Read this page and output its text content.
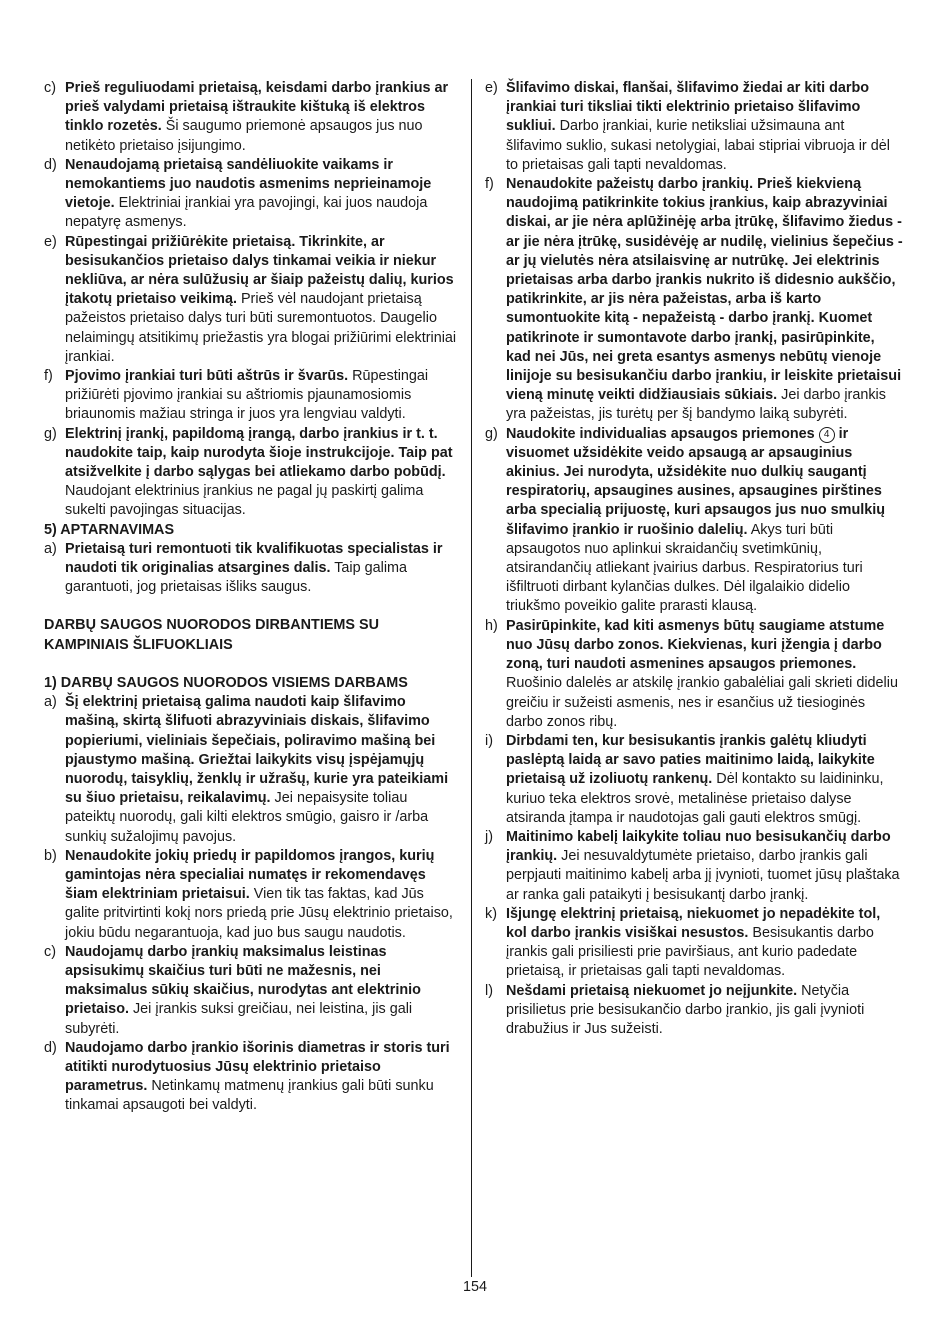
c) Prieš reguliuodami prietaisą, keisdami darbo įrankius ar prieš valydami prietaisą ištraukite kištuką iš elektros tinklo rozetės. Ši saugumo priemonė apsaugos jus nuo netikėto prietaiso įsijungimo.
d) Nenaudojamą prietaisą sandėliuokite vaikams ir nemokantiems juo naudotis asmenims neprieinamoje vietoje. Elektriniai įrankiai yra pavojingi, kai juos naudoja nepatyrę asmenys.
e) Rūpestingai prižiūrėkite prietaisą. Tikrinkite, ar besisukančios prietaiso dalys tinkamai veikia ir niekur nekliūva, ar nėra sulūžusių ar šiaip pažeistų dalių, kurios įtakotų prietaiso veikimą. Prieš vėl naudojant prietaisą pažeistos prietaiso dalys turi būti suremontuotos. Daugelio nelaimingų atsitikimų priežastis yra blogai prižiūrimi elektriniai įrankiai.
f) Pjovimo įrankiai turi būti aštrūs ir švarūs. Rūpestingai prižiūrėti pjovimo įrankiai su aštriomis pjaunamosiomis briaunomis mažiau stringa ir juos yra lengviau valdyti.
g) Elektrinį įrankį, papildomą įrangą, darbo įrankius ir t. t. naudokite taip, kaip nurodyta šioje instrukcijoje. Taip pat atsižvelkite į darbo sąlygas bei atliekamo darbo pobūdį. Naudojant elektrinius įrankius ne pagal jų paskirtį galima sukelti pavojingas situacijas.
5) APTARNAVIMAS
a) Prietaisą turi remontuoti tik kvalifikuotas specialistas ir naudoti tik originalias atsargines dalis. Taip galima garantuoti, jog prietaisas išliks saugus.
DARBŲ SAUGOS NUORODOS DIRBANTIEMS SU KAMPINIAIS ŠLIFUOKLIAIS
1) DARBŲ SAUGOS NUORODOS VISIEMS DARBAMS
a) Šį elektrinį prietaisą galima naudoti kaip šlifavimo mašiną, skirtą šlifuoti abrazyviniais diskais, šlifavimo popieriumi, vieliniais šepečiais, poliravimo mašiną bei pjaustymo mašiną. Griežtai laikykits visų įspėjamųjų nuorodų, taisyklių, ženklų ir užrašų, kurie yra pateikiami su šiuo prietaisu, reikalavimų. Jei nepaisysite toliau pateiktų nuorodų, gali kilti elektros smūgio, gaisro ir /arba sunkių sužalojimų pavojus.
b) Nenaudokite jokių priedų ir papildomos įrangos, kurių gamintojas nėra specialiai numatęs ir rekomendavęs šiam elektriniam prietaisui. Vien tik tas faktas, kad Jūs galite pritvirtinti kokį nors priedą prie Jūsų elektrinio prietaiso, jokiu būdu negarantuoja, kad juo bus saugu naudotis.
c) Naudojamų darbo įrankių maksimalus leistinas apsisukimų skaičius turi būti ne mažesnis, nei maksimalus sūkių skaičius, nurodytas ant elektrinio prietaiso. Jei įrankis suksi greičiau, nei leistina, jis gali subyrėti.
d) Naudojamo darbo įrankio išorinis diametras ir storis turi atitikti nurodytuosius Jūsų elektrinio prietaiso parametrus. Netinkamų matmenų įrankius gali būti sunku tinkamai apsaugoti bei valdyti.
e) Šlifavimo diskai, flanšai, šlifavimo žiedai ar kiti darbo įrankiai turi tiksliai tikti elektrinio prietaiso šlifavimo sukliui. Darbo įrankiai, kurie netiksliai užsimauna ant šlifavimo suklio, sukasi netolygiai, labai stipriai vibruoja ir dėl to prietaisas gali tapti nevaldomas.
f) Nenaudokite pažeistų darbo įrankių. Prieš kiekvieną naudojimą patikrinkite tokius įrankius, kaip abrazyviniai diskai, ar jie nėra aplūžinėję arba įtrūkę, šlifavimo žiedus - ar jie nėra įtrūkę, susidėvėję ar nudilę, vielinius šepečius - ar jų vielutės nėra atsilaisvinę ar nutrūkę. Jei elektrinis prietaisas arba darbo įrankis nukrito iš didesnio aukščio, patikrinkite, ar jis nėra pažeistas, arba iš karto sumontuokite kitą - nepažeistą - darbo įrankį. Kuomet patikrinote ir sumontavote darbo įrankį, pasirūpinkite, kad nei Jūs, nei greta esantys asmenys nebūtų vienoje linijoje su besisukančiu darbo įrankiu, ir leiskite prietaisui vieną minutę veikti didžiausiais sūkiais. Jei darbo įrankis yra pažeistas, jis turėtų per šį bandymo laiką subyrėti.
g) Naudokite individualias apsaugos priemones 4 ir visuomet užsidėkite veido apsaugą ar apsauginius akinius. Jei nurodyta, užsidėkite nuo dulkių saugantį respiratorių, apsaugines ausines, apsaugines pirštines arba specialią prijuostę, kuri apsaugos jus nuo smulkių šlifavimo įrankio ir ruošinio dalelių. Akys turi būti apsaugotos nuo aplinkui skraidančių svetimkūnių, atsirandančių atliekant įvairius darbus. Respiratorius turi išfiltruoti dirbant kylančias dulkes. Dėl ilgalaikio didelio triukšmo poveikio galite prarasti klausą.
h) Pasirūpinkite, kad kiti asmenys būtų saugiame atstume nuo Jūsų darbo zonos. Kiekvienas, kuri įžengia į darbo zoną, turi naudoti asmenines apsaugos priemones. Ruošinio dalelės ar atskilę įrankio gabalėliai gali skrieti dideliu greičiu ir sužeisti asmenis, nes ir esančius už tiesioginės darbo zonos ribų.
i) Dirbdami ten, kur besisukantis įrankis galėtų kliudyti paslėptą laidą ar savo paties maitinimo laidą, laikykite prietaisą už izoliuotų rankenų. Dėl kontakto su laidininku, kuriuo teka elektros srovė, metalinėse prietaiso dalyse atsiranda įtampa ir naudotojas gali gauti elektros smūgį.
j) Maitinimo kabelį laikykite toliau nuo besisukančių darbo įrankių. Jei nesuvaldytumėte prietaiso, darbo įrankis gali perpjauti maitinimo kabelį arba jį įvynioti, tuomet jūsų plaštaka ar ranka gali pataikyti į besisukantį darbo įrankį.
k) Išjungę elektrinį prietaisą, niekuomet jo nepadėkite tol, kol darbo įrankis visiškai nesustos. Besisukantis darbo įrankis gali prisiliesti prie paviršiaus, ant kurio padedate prietaisą, ir prietaisas gali tapti nevaldomas.
l) Nešdami prietaisą niekuomet jo neįjunkite. Netyčia prisilietus prie besisukančio darbo įrankio, jis gali įvynioti drabužius ir Jus sužeisti.
154
